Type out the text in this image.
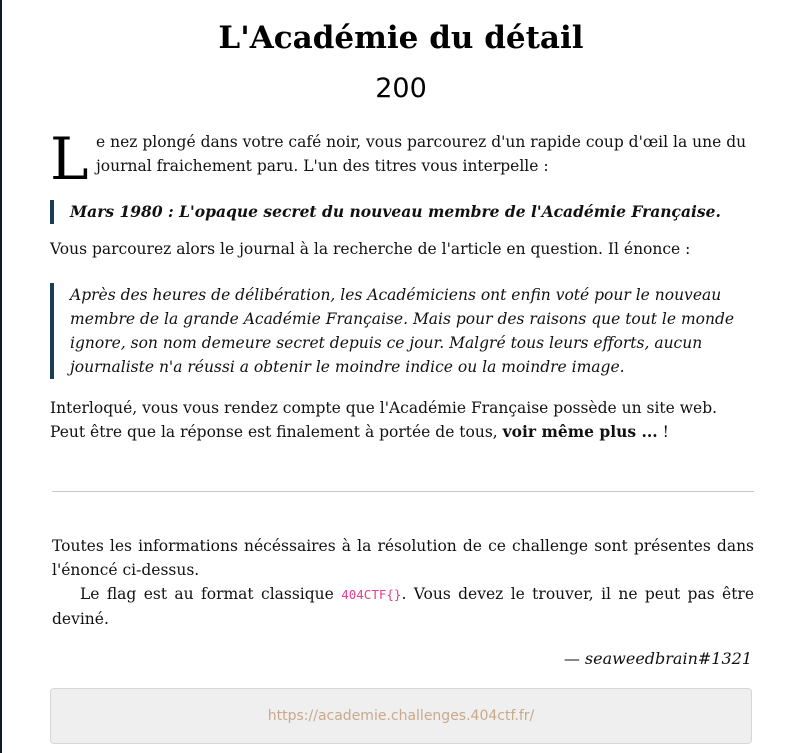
L'Académie du détail
200

L e nez plongé dans votre café noir, vous parcourez d'un rapide coup d'œil la une du journal fraichement paru. L'un des titres vous interpelle :

Mars 1980 : L'opaque secret du nouveau membre de l'Académie Française.

Vous parcourez alors le journal à la recherche de l'article en question. Il énonce :

Après des heures de délibération, les Académiciens ont enfin voté pour le nouveau membre de la grande Académie Française. Mais pour des raisons que tout le monde ignore, son nom demeure secret depuis ce jour. Malgré tous leurs efforts, aucun journaliste n'a réussi a obtenir le moindre indice ou la moindre image.

Interloqué, vous vous rendez compte que l'Académie Française possède un site web. Peut être que la réponse est finalement à portée de tous, voir même plus ... !

Toutes les informations nécéssaires à la résolution de ce challenge sont présentes dans l'énoncé ci-dessus.

Le flag est au format classique 404CTF{}. Vous devez le trouver, il ne peut pas être deviné.

— seaweedbrain#1321
https://academie.challenges.404ctf.fr/
